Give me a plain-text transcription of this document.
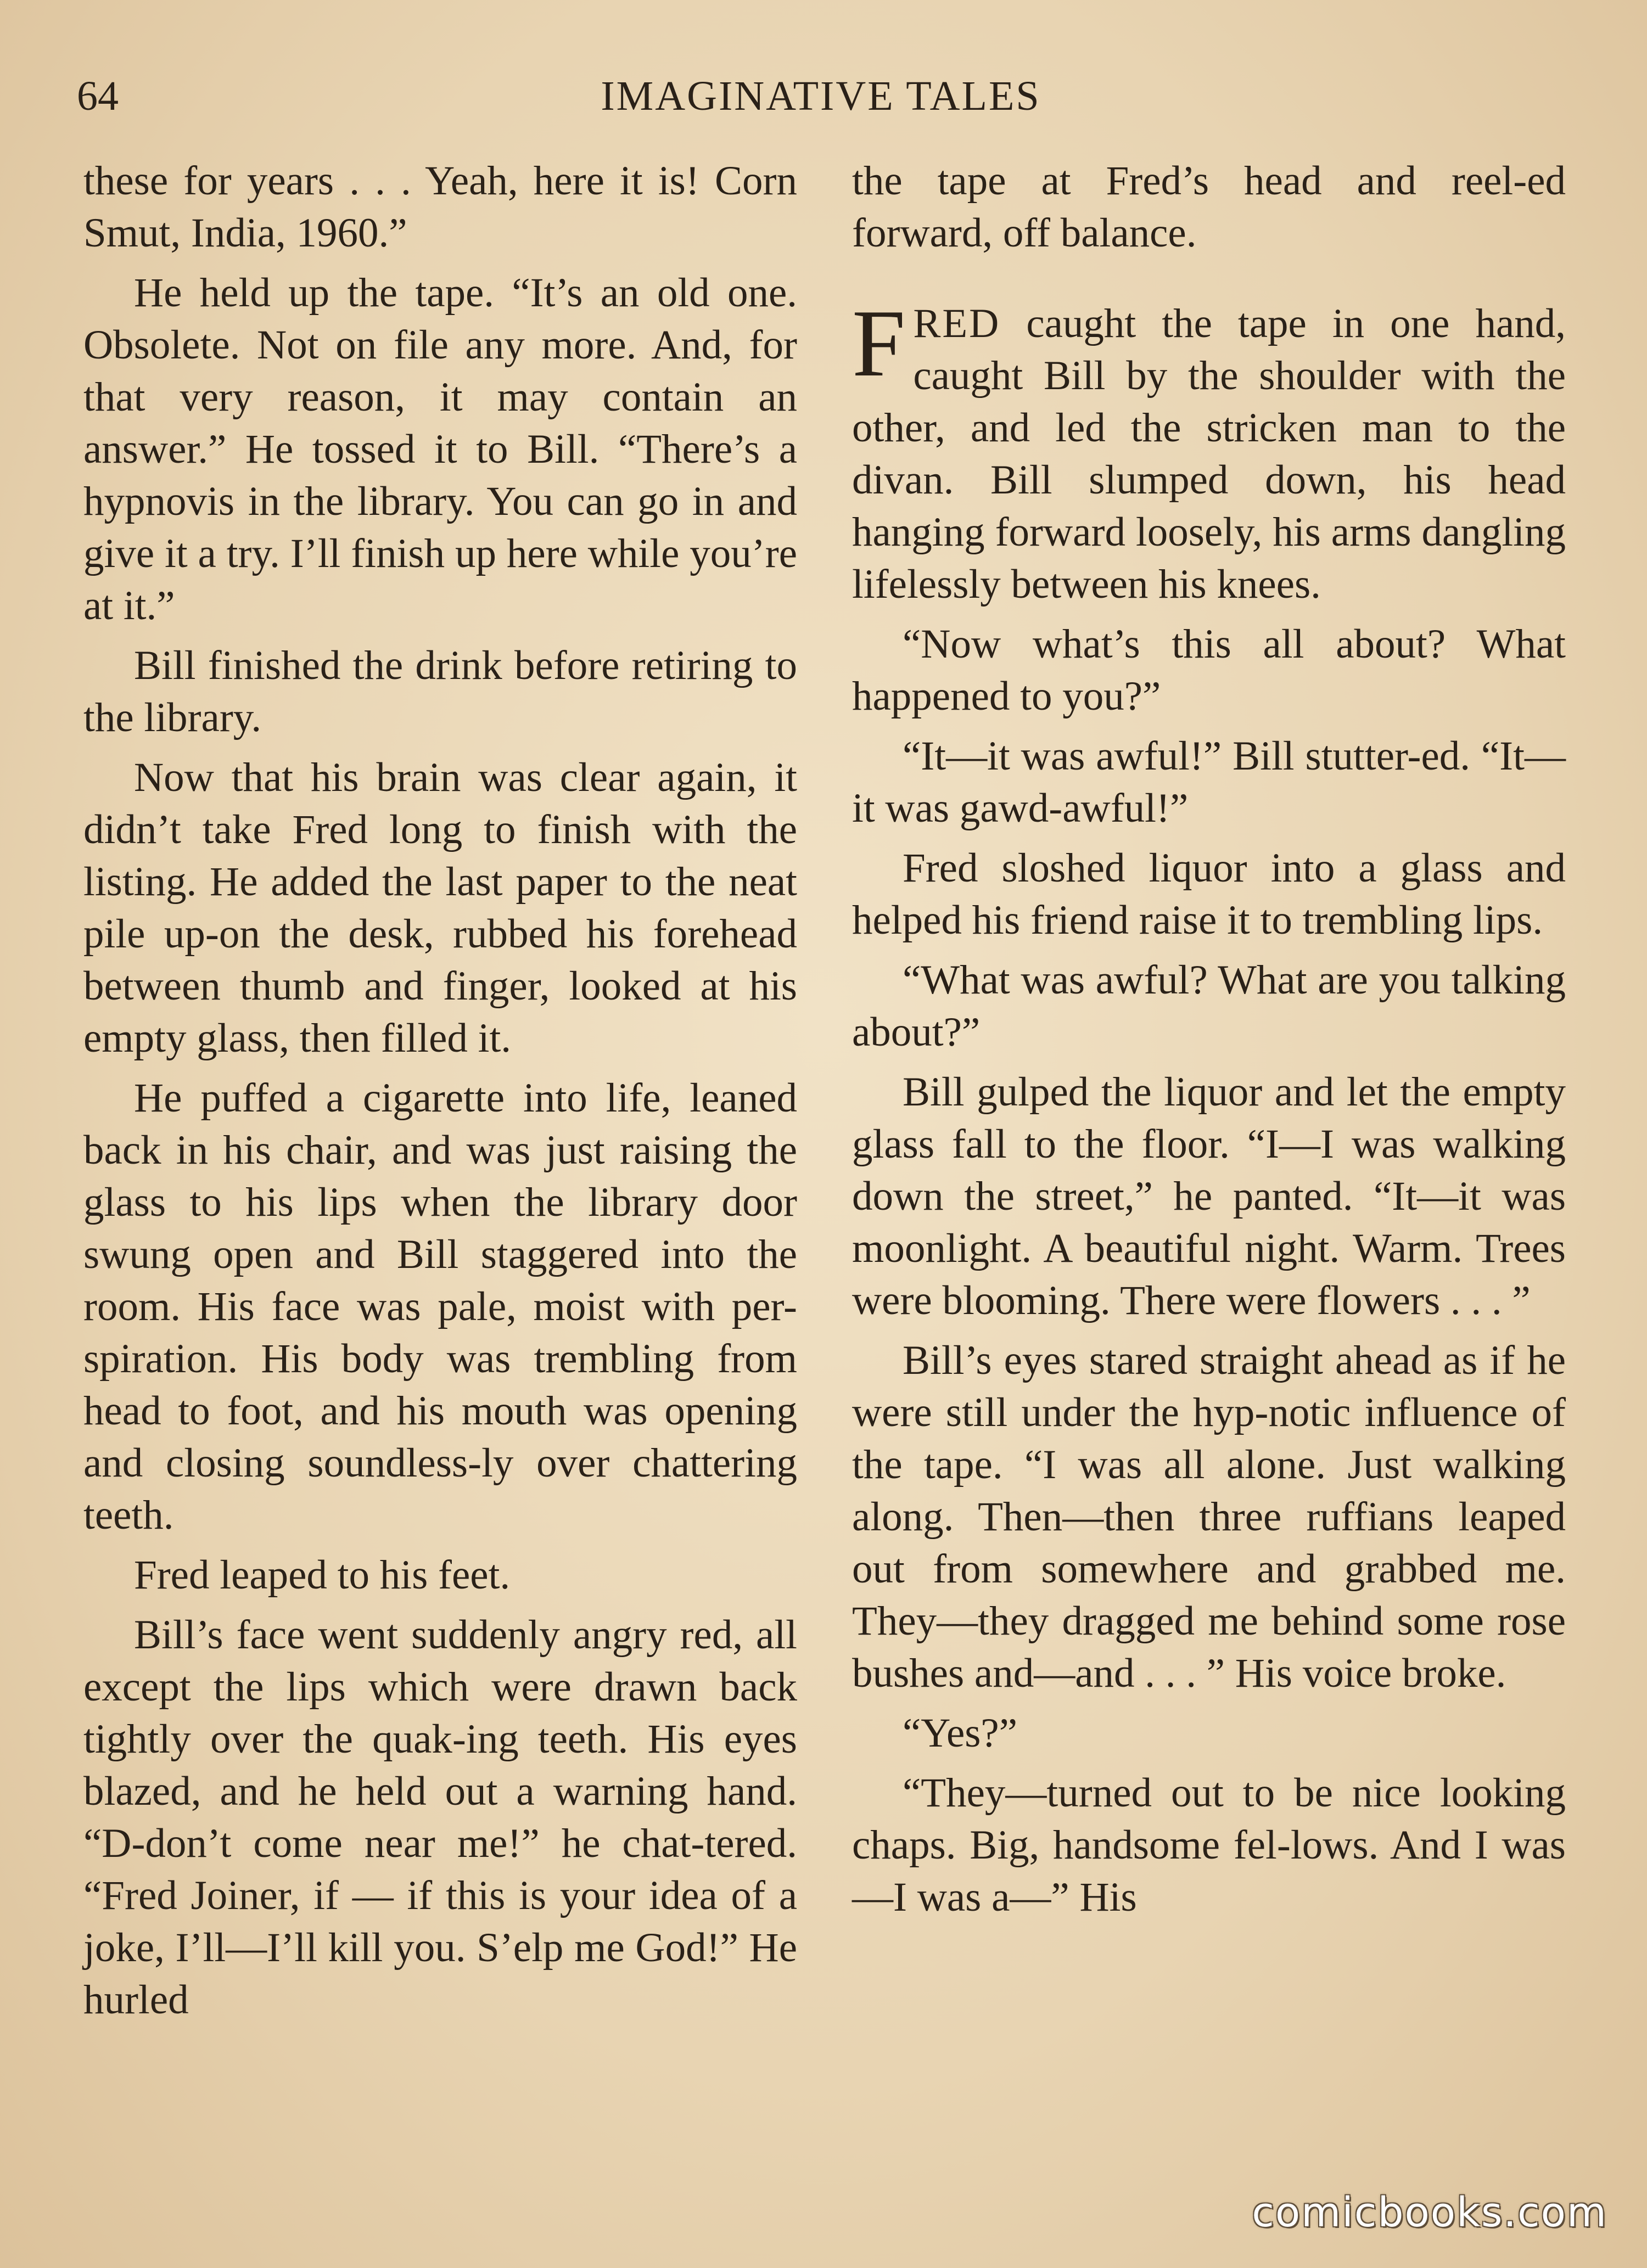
64	IMAGINATIVE TALES

these for years . . . Yeah, here it is! Corn Smut, India, 1960.”

He held up the tape. “It’s an old one. Obsolete. Not on file any more. And, for that very reason, it may contain an answer.” He tossed it to Bill. “There’s a hypnovis in the library. You can go in and give it a try. I’ll finish up here while you’re at it.”

Bill finished the drink before retiring to the library.

Now that his brain was clear again, it didn’t take Fred long to finish with the listing. He added the last paper to the neat pile up-on the desk, rubbed his forehead between thumb and finger, looked at his empty glass, then filled it.

He puffed a cigarette into life, leaned back in his chair, and was just raising the glass to his lips when the library door swung open and Bill staggered into the room. His face was pale, moist with per-spiration. His body was trembling from head to foot, and his mouth was opening and closing soundless-ly over chattering teeth.

Fred leaped to his feet.

Bill’s face went suddenly angry red, all except the lips which were drawn back tightly over the quak-ing teeth. His eyes blazed, and he held out a warning hand. “D-don’t come near me!” he chat-tered. “Fred Joiner, if — if this is your idea of a joke, I’ll—I’ll kill you. S’elp me God!” He hurled

the tape at Fred’s head and reel-ed forward, off balance.

FRED caught the tape in one hand, caught Bill by the shoulder with the other, and led the stricken man to the divan. Bill slumped down, his head hanging forward loosely, his arms dangling lifelessly between his knees.

“Now what’s this all about? What happened to you?”

“It—it was awful!” Bill stutter-ed. “It—it was gawd-awful!”

Fred sloshed liquor into a glass and helped his friend raise it to trembling lips.

“What was awful? What are you talking about?”

Bill gulped the liquor and let the empty glass fall to the floor. “I—I was walking down the street,” he panted. “It—it was moonlight. A beautiful night. Warm. Trees were blooming. There were flowers . . . ”

Bill’s eyes stared straight ahead as if he were still under the hyp-notic influence of the tape. “I was all alone. Just walking along. Then—then three ruffians leaped out from somewhere and grabbed me. They—they dragged me behind some rose bushes and—and . . . ” His voice broke.

“Yes?”

“They—turned out to be nice looking chaps. Big, handsome fel-lows. And I was—I was a—” His

comicbooks.com
